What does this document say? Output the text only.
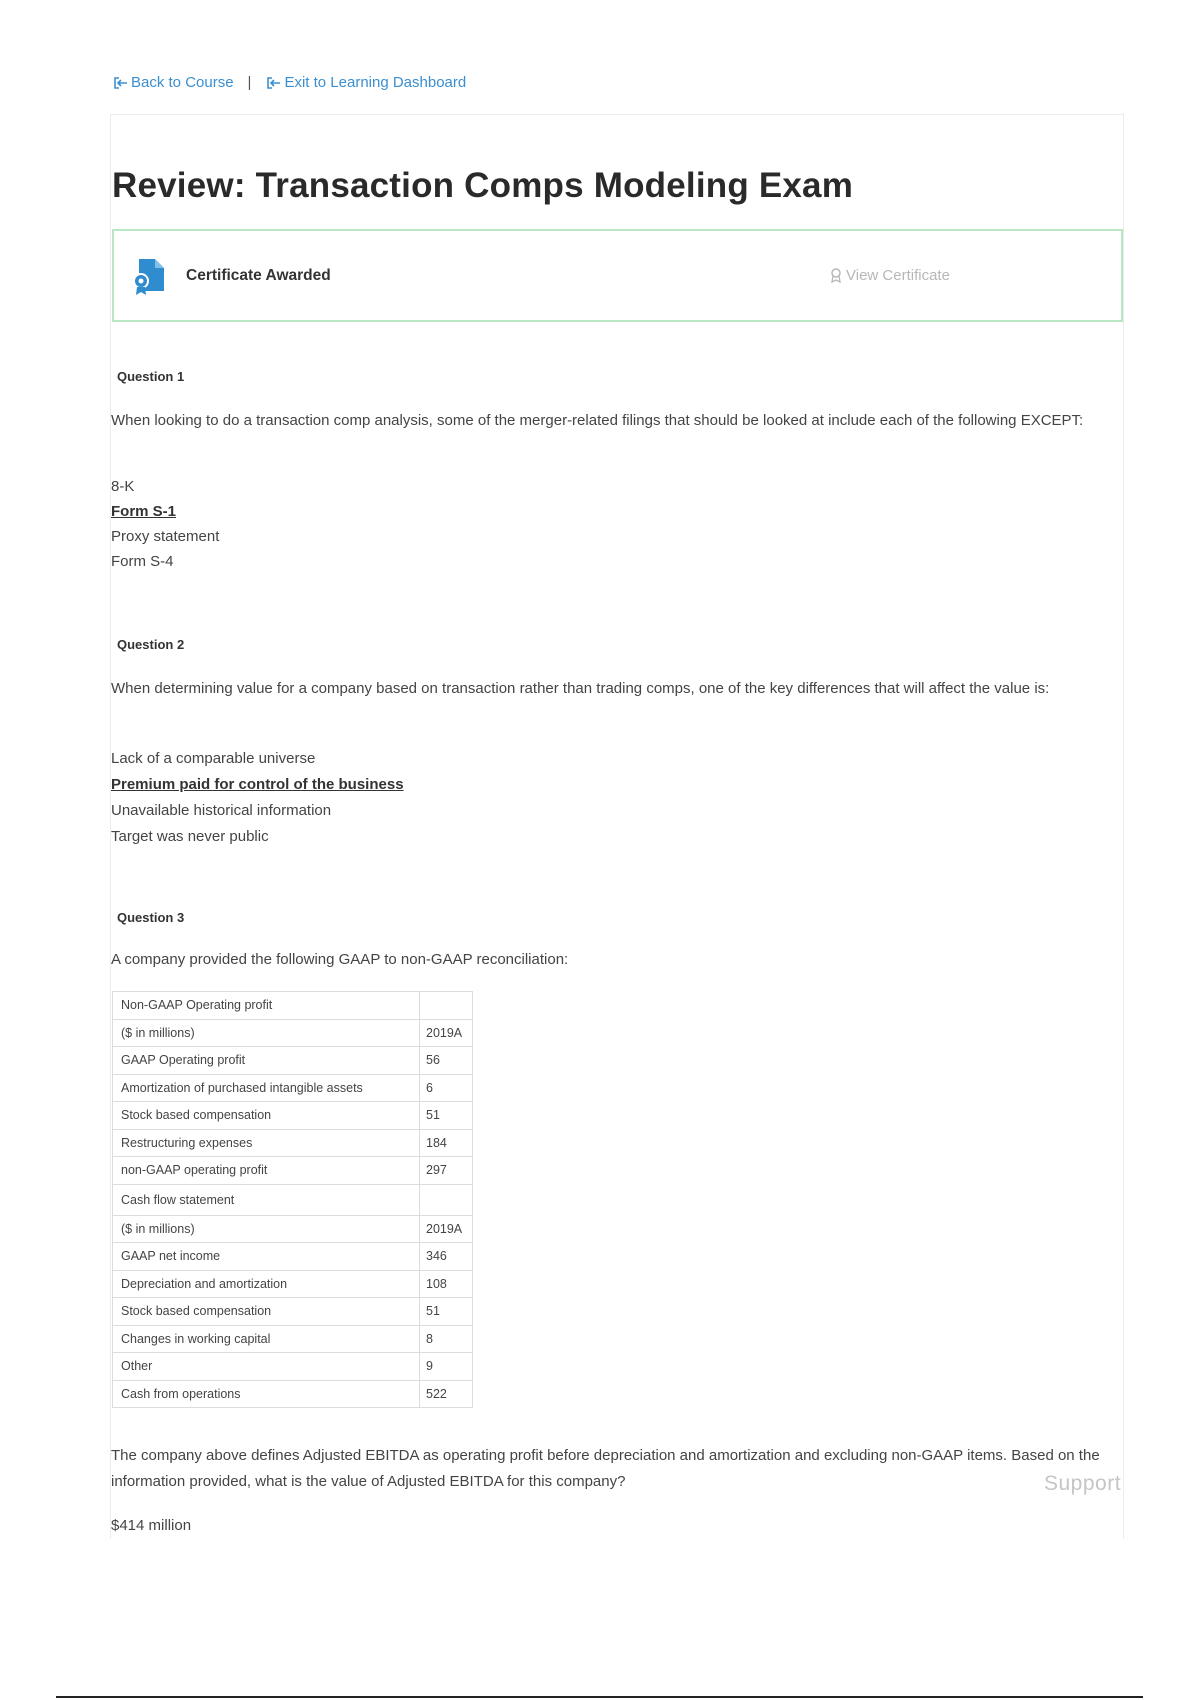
Back to Course | Exit to Learning Dashboard
Review: Transaction Comps Modeling Exam
Certificate Awarded	View Certificate
Question 1
When looking to do a transaction comp analysis, some of the merger-related filings that should be looked at include each of the following EXCEPT:
8-K
Form S-1
Proxy statement
Form S-4
Question 2
When determining value for a company based on transaction rather than trading comps, one of the key differences that will affect the value is:
Lack of a comparable universe
Premium paid for control of the business
Unavailable historical information
Target was never public
Question 3
A company provided the following GAAP to non-GAAP reconciliation:
Non-GAAP Operating profit	
($ in millions)	2019A
GAAP Operating profit	56
Amortization of purchased intangible assets	6
Stock based compensation	51
Restructuring expenses	184
non-GAAP operating profit	297
Cash flow statement	
($ in millions)	2019A
GAAP net income	346
Depreciation and amortization	108
Stock based compensation	51
Changes in working capital	8
Other	9
Cash from operations	522
The company above defines Adjusted EBITDA as operating profit before depreciation and amortization and excluding non-GAAP items. Based on the information provided, what is the value of Adjusted EBITDA for this company?
$414 million
Support
